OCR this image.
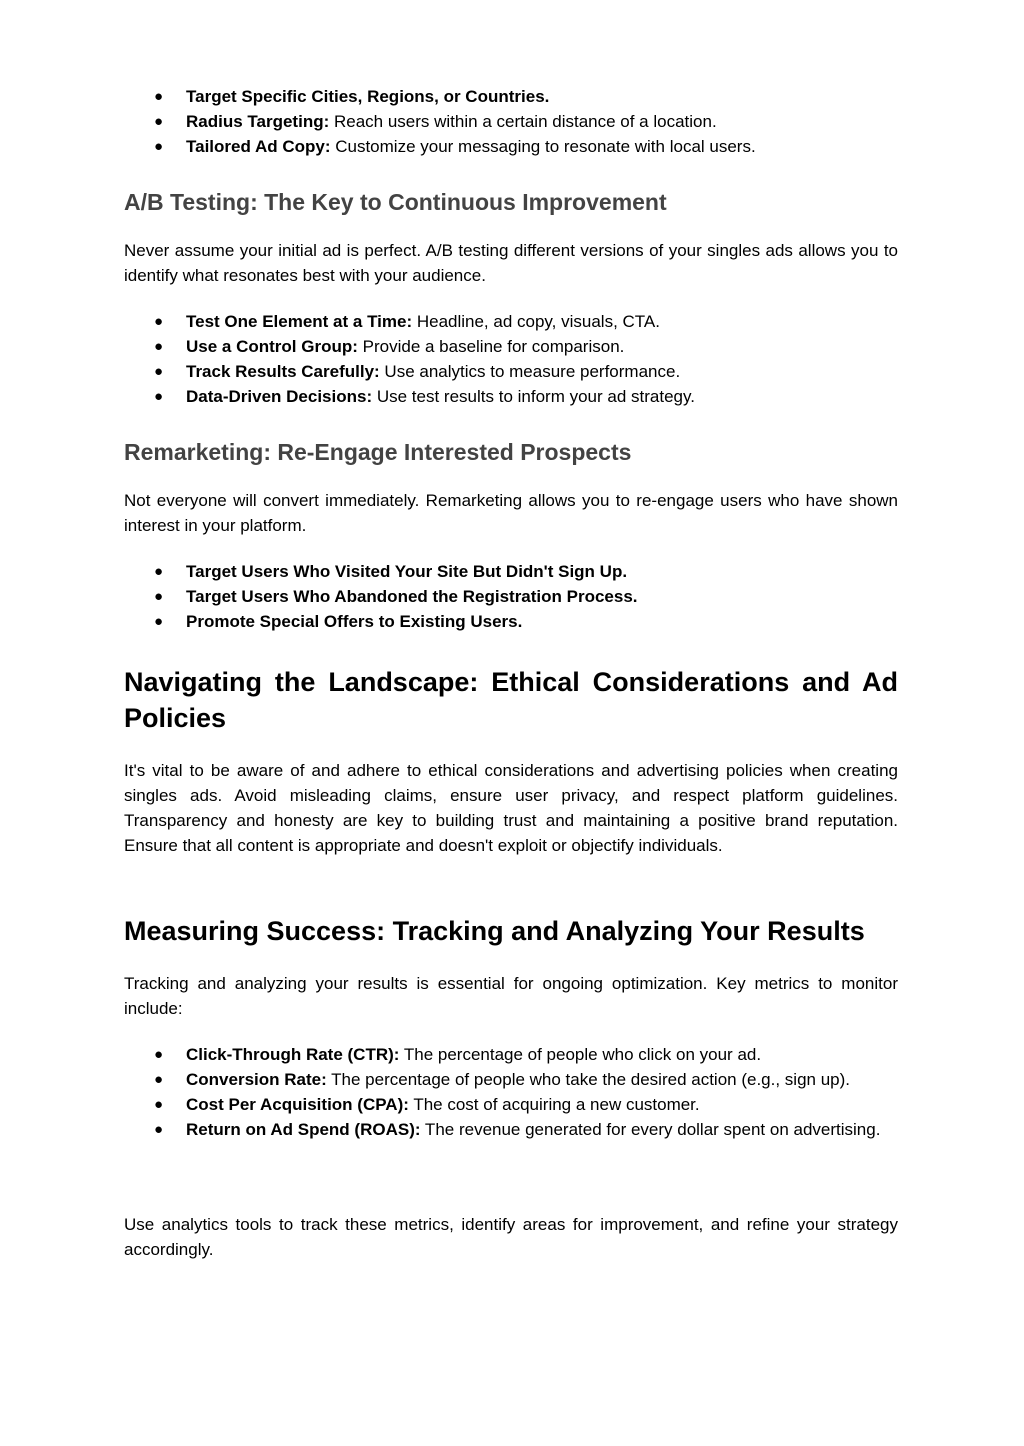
● Target Specific Cities, Regions, or Countries.
● Radius Targeting: Reach users within a certain distance of a location.
● Tailored Ad Copy: Customize your messaging to resonate with local users.
A/B Testing: The Key to Continuous Improvement

Never assume your initial ad is perfect. A/B testing different versions of your singles ads allows you to identify what resonates best with your audience.

● Test One Element at a Time: Headline, ad copy, visuals, CTA.
● Use a Control Group: Provide a baseline for comparison.
● Track Results Carefully: Use analytics to measure performance.
● Data-Driven Decisions: Use test results to inform your ad strategy.
Remarketing: Re-Engage Interested Prospects

Not everyone will convert immediately. Remarketing allows you to re-engage users who have shown interest in your platform.

● Target Users Who Visited Your Site But Didn't Sign Up.
● Target Users Who Abandoned the Registration Process.
● Promote Special Offers to Existing Users.
Navigating the Landscape: Ethical Considerations and Ad Policies

It's vital to be aware of and adhere to ethical considerations and advertising policies when creating singles ads. Avoid misleading claims, ensure user privacy, and respect platform guidelines. Transparency and honesty are key to building trust and maintaining a positive brand reputation. Ensure that all content is appropriate and doesn't exploit or objectify individuals.

Measuring Success: Tracking and Analyzing Your Results

Tracking and analyzing your results is essential for ongoing optimization. Key metrics to monitor include:

● Click-Through Rate (CTR): The percentage of people who click on your ad.
● Conversion Rate: The percentage of people who take the desired action (e.g., sign up).
● Cost Per Acquisition (CPA): The cost of acquiring a new customer.
● Return on Ad Spend (ROAS): The revenue generated for every dollar spent on advertising.

Use analytics tools to track these metrics, identify areas for improvement, and refine your strategy accordingly.
